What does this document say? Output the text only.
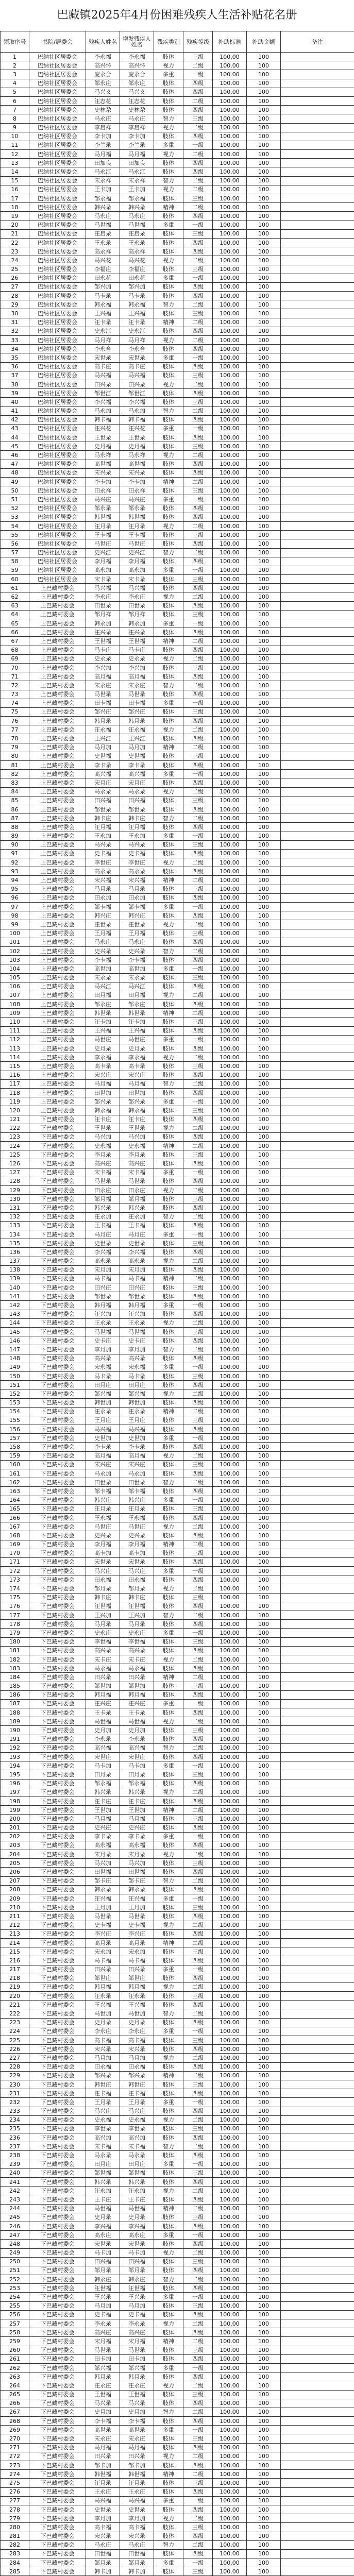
巴藏镇2025年4月份困难残疾人生活补贴花名册
领取序号	书院/居委会	残疾人姓名	增发残疾人姓名	残疾类别	残疾等级	补助标准	补助金额	备注
1	巴纳社区居委会	李永福	李永福	肢体	三级	100.00	100	
2	巴纳社区居委会	高兴怀	高兴怀	视力	二级	100.00	100	
3	巴纳社区居委会	庞永合	庞永合	多重	一级	100.00	100	
4	巴纳社区居委会	邹永庄	邹永庄	肢体	四级	100.00	100	
5	巴纳社区居委会	马兴义	马兴义	肢体	四级	100.00	100	
6	巴纳社区居委会	汪志花	汪志花	肢体	二级	100.00	100	
7	巴纳社区居委会	史林尕	史林尕	肢体	四级	100.00	100	
8	巴纳社区居委会	马永庄	马永庄	智力	三级	100.00	100	
9	巴纳社区居委会	李启祥	李启祥	视力	二级	100.00	100	
10	巴纳社区居委会	李卡加	李卡加	肢体	四级	100.00	100	
11	巴纳社区居委会	李兰录	李兰录	多重	一级	100.00	100	
12	巴纳社区居委会	马月福	马月福	视力	二级	100.00	100	
13	巴纳社区居委会	田加良	田加良	肢体	四级	100.00	100	
14	巴纳社区居委会	马永江	马永江	肢体	四级	100.00	100	
15	巴纳社区居委会	宋永祥	宋永祥	智力	二级	100.00	100	
16	巴纳社区居委会	王卡加	王卡加	视力	二级	100.00	100	
17	巴纳社区居委会	邹永福	邹永福	肢体	三级	100.00	100	
18	巴纳社区居委会	韩兴录	韩兴录	精神	二级	100.00	100	
19	巴纳社区居委会	马永庄	马永庄	肢体	四级	100.00	100	
20	巴纳社区居委会	马世福	马世福	多重	一级	100.00	100	
21	巴纳社区居委会	汪启录	汪启录	肢体	三级	100.00	100	
22	巴纳社区居委会	王永录	王永录	肢体	四级	100.00	100	
23	巴纳社区居委会	高永祥	高永祥	肢体	四级	100.00	100	
24	巴纳社区居委会	马兴花	马兴花	视力	二级	100.00	100	
25	巴纳社区居委会	李福庄	李福庄	肢体	三级	100.00	100	
26	巴纳社区居委会	田永花	田永花	多重	一级	100.00	100	
27	巴纳社区居委会	邹兴加	邹兴加	肢体	四级	100.00	100	
28	巴纳社区居委会	马卡录	马卡录	肢体	四级	100.00	100	
29	巴纳社区居委会	韩永福	韩永福	智力	二级	100.00	100	
30	巴纳社区居委会	王兴福	王兴福	肢体	三级	100.00	100	
31	巴纳社区居委会	汪卡录	汪卡录	精神	二级	100.00	100	
32	巴纳社区居委会	史永江	史永江	肢体	四级	100.00	100	
33	巴纳社区居委会	马月祥	马月祥	视力	二级	100.00	100	
34	巴纳社区居委会	李永合	李永合	肢体	四级	100.00	100	
35	巴纳社区居委会	宋世录	宋世录	多重	一级	100.00	100	
36	巴纳社区居委会	高卡庄	高卡庄	肢体	四级	100.00	100	
37	巴纳社区居委会	马兴福	马兴福	肢体	三级	100.00	100	
38	巴纳社区居委会	田兴录	田兴录	视力	二级	100.00	100	
39	巴纳社区居委会	邹世江	邹世江	肢体	四级	100.00	100	
40	巴纳社区居委会	李兴福	李兴福	肢体	三级	100.00	100	
41	巴纳社区居委会	马永加	马永加	智力	二级	100.00	100	
42	巴纳社区居委会	韩卡福	韩卡福	肢体	四级	100.00	100	
43	巴纳社区居委会	汪兴花	汪兴花	多重	一级	100.00	100	
44	巴纳社区居委会	王世录	王世录	肢体	四级	100.00	100	
45	巴纳社区居委会	史月福	史月福	肢体	三级	100.00	100	
46	巴纳社区居委会	马永祥	马永祥	视力	二级	100.00	100	
47	巴纳社区居委会	高世福	高世福	肢体	四级	100.00	100	
48	巴纳社区居委会	宋兴录	宋兴录	肢体	四级	100.00	100	
49	巴纳社区居委会	李卡加	李卡加	精神	二级	100.00	100	
50	巴纳社区居委会	田永祥	田永祥	肢体	三级	100.00	100	
51	巴纳社区居委会	马兴庄	马兴庄	多重	一级	100.00	100	
52	巴纳社区居委会	邹永录	邹永录	肢体	四级	100.00	100	
53	巴纳社区居委会	韩世福	韩世福	肢体	四级	100.00	100	
54	巴纳社区居委会	汪月录	汪月录	视力	二级	100.00	100	
55	巴纳社区居委会	王卡福	王卡福	肢体	三级	100.00	100	
56	巴纳社区居委会	马世庄	马世庄	肢体	四级	100.00	100	
57	巴纳社区居委会	史兴江	史兴江	智力	二级	100.00	100	
58	巴纳社区居委会	李月福	李月福	肢体	四级	100.00	100	
59	巴纳社区居委会	高永加	高永加	多重	一级	100.00	100	
60	巴纳社区居委会	宋卡录	宋卡录	肢体	三级	100.00	100	
61	上巴藏村委会	马兴福	马兴福	肢体	四级	100.00	100	
62	上巴藏村委会	李永庄	李永庄	视力	二级	100.00	100	
63	上巴藏村委会	田世录	田世录	肢体	四级	100.00	100	
64	上巴藏村委会	邹月祥	邹月祥	肢体	三级	100.00	100	
65	上巴藏村委会	韩永加	韩永加	多重	一级	100.00	100	
66	上巴藏村委会	汪兴录	汪兴录	肢体	四级	100.00	100	
67	上巴藏村委会	王世福	王世福	精神	二级	100.00	100	
68	上巴藏村委会	马卡庄	马卡庄	肢体	四级	100.00	100	
69	上巴藏村委会	史永录	史永录	视力	二级	100.00	100	
70	上巴藏村委会	李兴加	李兴加	肢体	三级	100.00	100	
71	上巴藏村委会	高月福	高月福	肢体	四级	100.00	100	
72	上巴藏村委会	宋永庄	宋永庄	智力	二级	100.00	100	
73	上巴藏村委会	马世录	马世录	肢体	四级	100.00	100	
74	上巴藏村委会	田卡福	田卡福	多重	一级	100.00	100	
75	上巴藏村委会	邹兴庄	邹兴庄	肢体	三级	100.00	100	
76	上巴藏村委会	韩月录	韩月录	肢体	四级	100.00	100	
77	上巴藏村委会	汪永福	汪永福	视力	二级	100.00	100	
78	上巴藏村委会	王兴江	王兴江	肢体	四级	100.00	100	
79	上巴藏村委会	马月加	马月加	精神	二级	100.00	100	
80	上巴藏村委会	史世福	史世福	肢体	三级	100.00	100	
81	上巴藏村委会	李卡录	李卡录	肢体	四级	100.00	100	
82	上巴藏村委会	高兴福	高兴福	多重	一级	100.00	100	
83	上巴藏村委会	宋月庄	宋月庄	肢体	四级	100.00	100	
84	上巴藏村委会	马永录	马永录	视力	二级	100.00	100	
85	上巴藏村委会	田兴福	田兴福	肢体	三级	100.00	100	
86	上巴藏村委会	邹世录	邹世录	肢体	四级	100.00	100	
87	上巴藏村委会	韩卡庄	韩卡庄	智力	二级	100.00	100	
88	上巴藏村委会	汪月福	汪月福	肢体	四级	100.00	100	
89	上巴藏村委会	王永加	王永加	多重	一级	100.00	100	
90	上巴藏村委会	马兴录	马兴录	肢体	三级	100.00	100	
91	上巴藏村委会	史卡福	史卡福	肢体	四级	100.00	100	
92	上巴藏村委会	李世庄	李世庄	视力	二级	100.00	100	
93	上巴藏村委会	高永录	高永录	肢体	四级	100.00	100	
94	上巴藏村委会	宋兴福	宋兴福	精神	二级	100.00	100	
95	上巴藏村委会	马月录	马月录	肢体	三级	100.00	100	
96	上巴藏村委会	田永加	田永加	肢体	四级	100.00	100	
97	上巴藏村委会	邹卡福	邹卡福	多重	一级	100.00	100	
98	上巴藏村委会	韩兴庄	韩兴庄	肢体	四级	100.00	100	
99	上巴藏村委会	汪世录	汪世录	视力	二级	100.00	100	
100	上巴藏村委会	王月福	王月福	肢体	三级	100.00	100	
101	上巴藏村委会	马永庄	马永庄	肢体	四级	100.00	100	
102	上巴藏村委会	史兴录	史兴录	智力	二级	100.00	100	
103	上巴藏村委会	李卡福	李卡福	肢体	四级	100.00	100	
104	上巴藏村委会	高世加	高世加	多重	一级	100.00	100	
105	上巴藏村委会	宋永录	宋永录	肢体	三级	100.00	100	
106	上巴藏村委会	马兴江	马兴江	肢体	四级	100.00	100	
107	上巴藏村委会	田月福	田月福	视力	二级	100.00	100	
108	上巴藏村委会	邹永庄	邹永庄	肢体	四级	100.00	100	
109	上巴藏村委会	韩世录	韩世录	精神	二级	100.00	100	
110	上巴藏村委会	汪卡加	汪卡加	肢体	三级	100.00	100	
111	上巴藏村委会	王兴福	王兴福	肢体	四级	100.00	100	
112	上巴藏村委会	马世庄	马世庄	多重	一级	100.00	100	
113	上巴藏村委会	史月录	史月录	肢体	四级	100.00	100	
114	上巴藏村委会	李永福	李永福	视力	二级	100.00	100	
115	上巴藏村委会	高卡录	高卡录	肢体	三级	100.00	100	
116	上巴藏村委会	宋兴庄	宋兴庄	肢体	四级	100.00	100	
117	上巴藏村委会	马月福	马月福	智力	二级	100.00	100	
118	上巴藏村委会	田世加	田世加	肢体	四级	100.00	100	
119	上巴藏村委会	邹兴录	邹兴录	多重	一级	100.00	100	
120	上巴藏村委会	韩永福	韩永福	肢体	三级	100.00	100	
121	下巴藏村委会	汪卡庄	汪卡庄	肢体	四级	100.00	100	
122	下巴藏村委会	王世录	王世录	视力	二级	100.00	100	
123	下巴藏村委会	马兴加	马兴加	肢体	四级	100.00	100	
124	下巴藏村委会	史永福	史永福	精神	二级	100.00	100	
125	下巴藏村委会	李月录	李月录	肢体	三级	100.00	100	
126	下巴藏村委会	高兴庄	高兴庄	肢体	四级	100.00	100	
127	下巴藏村委会	宋卡福	宋卡福	多重	一级	100.00	100	
128	下巴藏村委会	马世录	马世录	肢体	四级	100.00	100	
129	下巴藏村委会	田永庄	田永庄	视力	二级	100.00	100	
130	下巴藏村委会	邹月福	邹月福	肢体	三级	100.00	100	
131	下巴藏村委会	韩兴录	韩兴录	肢体	四级	100.00	100	
132	下巴藏村委会	汪永加	汪永加	智力	二级	100.00	100	
133	下巴藏村委会	王卡福	王卡福	肢体	四级	100.00	100	
134	下巴藏村委会	马月庄	马月庄	多重	一级	100.00	100	
135	下巴藏村委会	史世录	史世录	肢体	三级	100.00	100	
136	下巴藏村委会	李兴福	李兴福	肢体	四级	100.00	100	
137	下巴藏村委会	高永录	高永录	视力	二级	100.00	100	
138	下巴藏村委会	宋月加	宋月加	肢体	四级	100.00	100	
139	下巴藏村委会	马卡福	马卡福	精神	二级	100.00	100	
140	下巴藏村委会	田兴庄	田兴庄	肢体	三级	100.00	100	
141	下巴藏村委会	邹世录	邹世录	肢体	四级	100.00	100	
142	下巴藏村委会	韩月福	韩月福	多重	一级	100.00	100	
143	下巴藏村委会	汪兴加	汪兴加	肢体	四级	100.00	100	
144	下巴藏村委会	王永录	王永录	视力	二级	100.00	100	
145	下巴藏村委会	马世福	马世福	肢体	三级	100.00	100	
146	下巴藏村委会	史卡庄	史卡庄	肢体	四级	100.00	100	
147	下巴藏村委会	李月加	李月加	智力	二级	100.00	100	
148	下巴藏村委会	高兴录	高兴录	肢体	四级	100.00	100	
149	下巴藏村委会	宋永福	宋永福	多重	一级	100.00	100	
150	下巴藏村委会	马卡录	马卡录	肢体	三级	100.00	100	
151	下巴藏村委会	田月庄	田月庄	肢体	四级	100.00	100	
152	下巴藏村委会	邹兴福	邹兴福	视力	二级	100.00	100	
153	下巴藏村委会	韩世加	韩世加	肢体	四级	100.00	100	
154	下巴藏村委会	汪永录	汪永录	精神	二级	100.00	100	
155	下巴藏村委会	王月庄	王月庄	肢体	三级	100.00	100	
156	下巴藏村委会	马兴福	马兴福	肢体	四级	100.00	100	
157	下巴藏村委会	史世加	史世加	多重	一级	100.00	100	
158	下巴藏村委会	李卡录	李卡录	肢体	四级	100.00	100	
159	下巴藏村委会	高月福	高月福	视力	二级	100.00	100	
160	下巴藏村委会	宋兴庄	宋兴庄	肢体	三级	100.00	100	
161	下巴藏村委会	马永加	马永加	肢体	四级	100.00	100	
162	下巴藏村委会	田世录	田世录	智力	二级	100.00	100	
163	下巴藏村委会	邹卡福	邹卡福	肢体	四级	100.00	100	
164	下巴藏村委会	韩兴庄	韩兴庄	多重	一级	100.00	100	
165	下巴藏村委会	汪月录	汪月录	肢体	三级	100.00	100	
166	下巴藏村委会	王永福	王永福	肢体	四级	100.00	100	
167	下巴藏村委会	马世庄	马世庄	视力	二级	100.00	100	
168	下巴藏村委会	史兴录	史兴录	肢体	四级	100.00	100	
169	下巴藏村委会	李月福	李月福	精神	二级	100.00	100	
170	下巴藏村委会	高卡加	高卡加	肢体	三级	100.00	100	
171	下巴藏村委会	宋世录	宋世录	肢体	四级	100.00	100	
172	下巴藏村委会	马兴庄	马兴庄	多重	一级	100.00	100	
173	下巴藏村委会	田永福	田永福	肢体	四级	100.00	100	
174	下巴藏村委会	邹月录	邹月录	视力	二级	100.00	100	
175	下巴藏村委会	韩卡庄	韩卡庄	肢体	三级	100.00	100	
176	下巴藏村委会	汪世福	汪世福	肢体	四级	100.00	100	
177	下巴藏村委会	王兴加	王兴加	智力	二级	100.00	100	
178	下巴藏村委会	马月录	马月录	肢体	四级	100.00	100	
179	下巴藏村委会	史永庄	史永庄	多重	一级	100.00	100	
180	下巴藏村委会	李世福	李世福	肢体	三级	100.00	100	
181	下巴藏村委会	高兴录	高兴录	肢体	四级	100.00	100	
182	下巴藏村委会	宋卡庄	宋卡庄	视力	二级	100.00	100	
183	下巴藏村委会	马永福	马永福	肢体	四级	100.00	100	
184	下巴藏村委会	田兴录	田兴录	精神	二级	100.00	100	
185	下巴藏村委会	邹世加	邹世加	肢体	三级	100.00	100	
186	下巴藏村委会	韩月福	韩月福	肢体	四级	100.00	100	
187	下巴藏村委会	汪兴庄	汪兴庄	多重	一级	100.00	100	
188	下巴藏村委会	王卡录	王卡录	肢体	四级	100.00	100	
189	下巴藏村委会	马世福	马世福	视力	二级	100.00	100	
190	下巴藏村委会	史月加	史月加	肢体	三级	100.00	100	
191	下巴藏村委会	李永录	李永录	肢体	四级	100.00	100	
192	下巴藏村委会	高兴福	高兴福	智力	二级	100.00	100	
193	下巴藏村委会	宋世庄	宋世庄	肢体	四级	100.00	100	
194	下巴藏村委会	马卡加	马卡加	多重	一级	100.00	100	
195	下巴藏村委会	田月录	田月录	肢体	三级	100.00	100	
196	下巴藏村委会	邹永福	邹永福	肢体	四级	100.00	100	
197	下巴藏村委会	韩兴录	韩兴录	视力	二级	100.00	100	
198	下巴藏村委会	汪卡庄	汪卡庄	肢体	四级	100.00	100	
199	下巴藏村委会	王世加	王世加	精神	二级	100.00	100	
200	下巴藏村委会	马月福	马月福	肢体	三级	100.00	100	
201	下巴藏村委会	史兴庄	史兴庄	肢体	四级	100.00	100	
202	下巴藏村委会	李卡录	李卡录	多重	一级	100.00	100	
203	下巴藏村委会	高永福	高永福	肢体	四级	100.00	100	
204	下巴藏村委会	宋月录	宋月录	视力	二级	100.00	100	
205	下巴藏村委会	马兴加	马兴加	肢体	三级	100.00	100	
206	下巴藏村委会	田世福	田世福	肢体	四级	100.00	100	
207	下巴藏村委会	邹卡庄	邹卡庄	智力	二级	100.00	100	
208	下巴藏村委会	韩永录	韩永录	肢体	四级	100.00	100	
209	下巴藏村委会	汪兴福	汪兴福	多重	一级	100.00	100	
210	下巴藏村委会	王月加	王月加	肢体	三级	100.00	100	
211	下巴藏村委会	马世录	马世录	肢体	四级	100.00	100	
212	下巴藏村委会	史卡福	史卡福	视力	二级	100.00	100	
213	下巴藏村委会	李兴庄	李兴庄	肢体	四级	100.00	100	
214	下巴藏村委会	高月录	高月录	精神	二级	100.00	100	
215	下巴藏村委会	宋永加	宋永加	肢体	三级	100.00	100	
216	下巴藏村委会	马卡福	马卡福	肢体	四级	100.00	100	
217	下巴藏村委会	田兴录	田兴录	多重	一级	100.00	100	
218	下巴藏村委会	邹世庄	邹世庄	肢体	四级	100.00	100	
219	下巴藏村委会	韩月福	韩月福	视力	二级	100.00	100	
220	下巴藏村委会	汪永录	汪永录	肢体	三级	100.00	100	
221	下巴藏村委会	王兴福	王兴福	肢体	四级	100.00	100	
222	下巴藏村委会	马世加	马世加	智力	二级	100.00	100	
223	下巴藏村委会	史月录	史月录	肢体	四级	100.00	100	
224	下巴藏村委会	李永庄	李永庄	多重	一级	100.00	100	
225	下巴藏村委会	高卡福	高卡福	肢体	三级	100.00	100	
226	下巴藏村委会	宋兴录	宋兴录	肢体	四级	100.00	100	
227	下巴藏村委会	马月加	马月加	视力	二级	100.00	100	
228	下巴藏村委会	田永福	田永福	肢体	四级	100.00	100	
229	下巴藏村委会	邹兴录	邹兴录	精神	二级	100.00	100	
230	下巴藏村委会	韩世庄	韩世庄	肢体	三级	100.00	100	
231	下巴藏村委会	汪卡福	汪卡福	肢体	四级	100.00	100	
232	下巴藏村委会	王月录	王月录	多重	一级	100.00	100	
233	下巴藏村委会	马兴庄	马兴庄	肢体	四级	100.00	100	
234	下巴藏村委会	史永福	史永福	视力	二级	100.00	100	
235	下巴藏村委会	李世录	李世录	肢体	三级	100.00	100	
236	下巴藏村委会	高兴加	高兴加	肢体	四级	100.00	100	
237	下巴藏村委会	宋卡福	宋卡福	智力	二级	100.00	100	
238	下巴藏村委会	马永录	马永录	肢体	四级	100.00	100	
239	下巴藏村委会	田月庄	田月庄	多重	一级	100.00	100	
240	下巴藏村委会	邹世福	邹世福	肢体	三级	100.00	100	
241	下巴藏村委会	韩兴录	韩兴录	肢体	四级	100.00	100	
242	下巴藏村委会	汪永加	汪永加	视力	二级	100.00	100	
243	下巴藏村委会	王卡庄	王卡庄	肢体	四级	100.00	100	
244	下巴藏村委会	马世福	马世福	精神	二级	100.00	100	
245	下巴藏村委会	史月录	史月录	肢体	三级	100.00	100	
246	下巴藏村委会	李兴福	李兴福	肢体	四级	100.00	100	
247	下巴藏村委会	高永庄	高永庄	多重	一级	100.00	100	
248	下巴藏村委会	宋世录	宋世录	肢体	四级	100.00	100	
249	下巴藏村委会	马卡加	马卡加	视力	二级	100.00	100	
250	下巴藏村委会	田兴福	田兴福	肢体	三级	100.00	100	
251	下巴藏村委会	邹月录	邹月录	肢体	四级	100.00	100	
252	下巴藏村委会	韩永庄	韩永庄	智力	二级	100.00	100	
253	下巴藏村委会	汪世福	汪世福	肢体	四级	100.00	100	
254	下巴藏村委会	王兴录	王兴录	多重	一级	100.00	100	
255	下巴藏村委会	马月加	马月加	肢体	三级	100.00	100	
256	下巴藏村委会	史卡福	史卡福	肢体	四级	100.00	100	
257	下巴藏村委会	李永录	李永录	视力	二级	100.00	100	
258	下巴藏村委会	高兴庄	高兴庄	肢体	四级	100.00	100	
259	下巴藏村委会	宋月福	宋月福	精神	二级	100.00	100	
260	下巴藏村委会	马世录	马世录	肢体	三级	100.00	100	
261	下巴藏村委会	田卡加	田卡加	肢体	四级	100.00	100	
262	下巴藏村委会	邹兴福	邹兴福	多重	一级	100.00	100	
263	下巴藏村委会	韩月录	韩月录	肢体	四级	100.00	100	
264	下巴藏村委会	汪永庄	汪永庄	视力	二级	100.00	100	
265	下巴藏村委会	王世福	王世福	肢体	三级	100.00	100	
266	下巴藏村委会	马兴录	马兴录	肢体	四级	100.00	100	
267	下巴藏村委会	史月加	史月加	智力	二级	100.00	100	
268	下巴藏村委会	李卡福	李卡福	肢体	四级	100.00	100	
269	下巴藏村委会	高世录	高世录	多重	一级	100.00	100	
270	下巴藏村委会	宋永庄	宋永庄	肢体	三级	100.00	100	
271	下巴藏村委会	马月福	马月福	肢体	四级	100.00	100	
272	下巴藏村委会	田兴录	田兴录	视力	二级	100.00	100	
273	下巴藏村委会	邹卡加	邹卡加	肢体	四级	100.00	100	
274	下巴藏村委会	韩世福	韩世福	精神	二级	100.00	100	
275	下巴藏村委会	汪月录	汪月录	肢体	三级	100.00	100	
276	下巴藏村委会	王永庄	王永庄	肢体	四级	100.00	100	
277	下巴藏村委会	马兴福	马兴福	多重	一级	100.00	100	
278	下巴藏村委会	史世录	史世录	肢体	四级	100.00	100	
279	下巴藏村委会	李月加	李月加	视力	二级	100.00	100	
280	下巴藏村委会	高卡福	高卡福	肢体	三级	100.00	100	
281	下巴藏村委会	宋兴录	宋兴录	肢体	四级	100.00	100	
282	下巴藏村委会	马永庄	马永庄	智力	二级	100.00	100	
283	下巴藏村委会	田世福	田世福	肢体	四级	100.00	100	
284	下巴藏村委会	邹月录	邹月录	多重	一级	100.00	100	
285	下巴藏村委会	韩卡加	韩卡加	肢体	三级	100.00	100	
